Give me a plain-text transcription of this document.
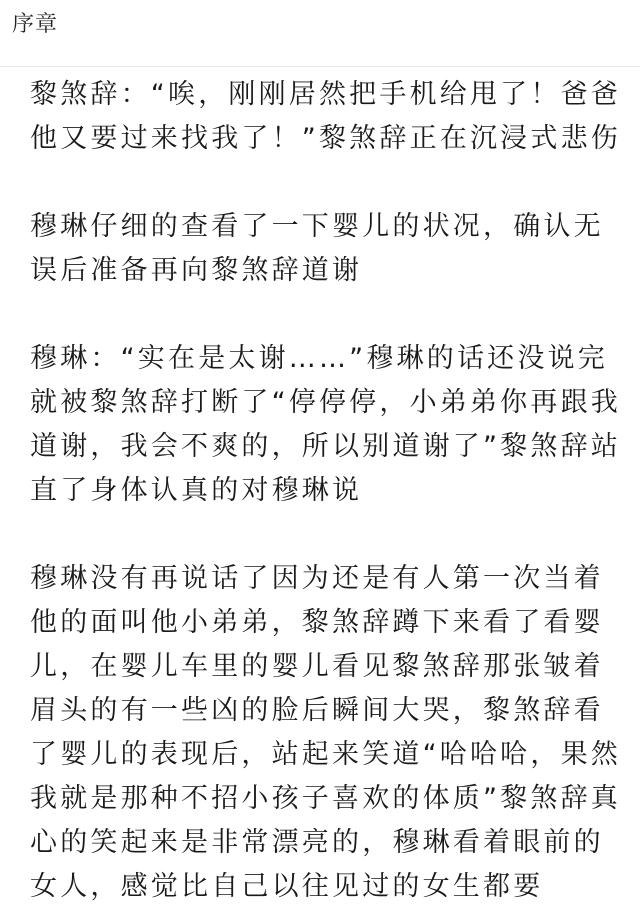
序章

黎煞辞：“唉，刚刚居然把手机给甩了！爸爸他又要过来找我了！”黎煞辞正在沉浸式悲伤

穆琳仔细的查看了一下婴儿的状况，确认无误后准备再向黎煞辞道谢

穆琳：“实在是太谢……”穆琳的话还没说完就被黎煞辞打断了“停停停，小弟弟你再跟我道谢，我会不爽的，所以别道谢了”黎煞辞站直了身体认真的对穆琳说

穆琳没有再说话了因为还是有人第一次当着他的面叫他小弟弟，黎煞辞蹲下来看了看婴儿，在婴儿车里的婴儿看见黎煞辞那张皱着眉头的有一些凶的脸后瞬间大哭，黎煞辞看了婴儿的表现后，站起来笑道“哈哈哈，果然我就是那种不招小孩子喜欢的体质”黎煞辞真心的笑起来是非常漂亮的，穆琳看着眼前的女人，感觉比自己以往见过的女生都要
